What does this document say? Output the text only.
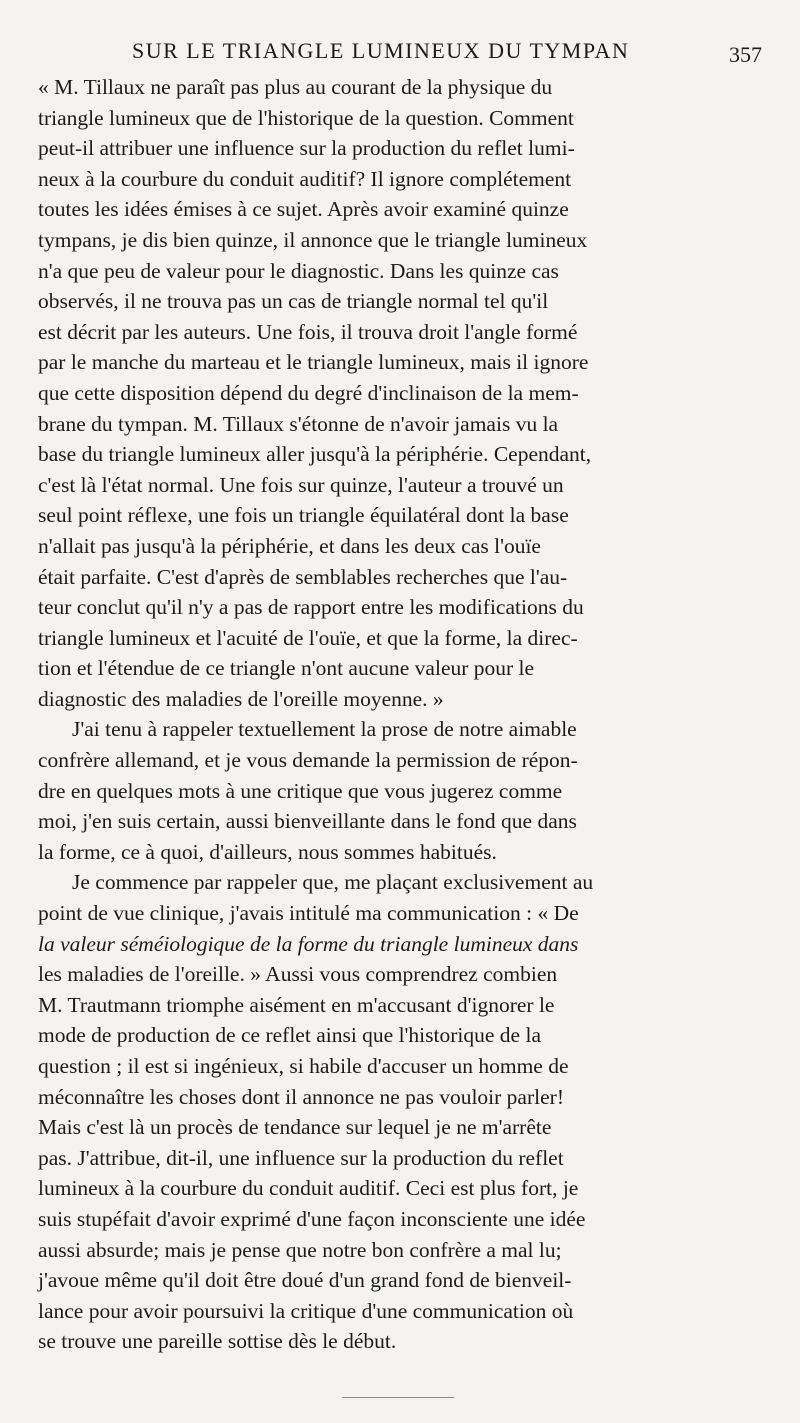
SUR LE TRIANGLE LUMINEUX DU TYMPAN	357
« M. Tillaux ne paraît pas plus au courant de la physique du
triangle lumineux que de l'historique de la question. Comment
peut-il attribuer une influence sur la production du reflet lumi-
neux à la courbure du conduit auditif? Il ignore complétement
toutes les idées émises à ce sujet. Après avoir examiné quinze
tympans, je dis bien quinze, il annonce que le triangle lumineux
n'a que peu de valeur pour le diagnostic. Dans les quinze cas
observés, il ne trouva pas un cas de triangle normal tel qu'il
est décrit par les auteurs. Une fois, il trouva droit l'angle formé
par le manche du marteau et le triangle lumineux, mais il ignore
que cette disposition dépend du degré d'inclinaison de la mem-
brane du tympan. M. Tillaux s'étonne de n'avoir jamais vu la
base du triangle lumineux aller jusqu'à la périphérie. Cependant,
c'est là l'état normal. Une fois sur quinze, l'auteur a trouvé un
seul point réflexe, une fois un triangle équilatéral dont la base
n'allait pas jusqu'à la périphérie, et dans les deux cas l'ouïe
était parfaite. C'est d'après de semblables recherches que l'au-
teur conclut qu'il n'y a pas de rapport entre les modifications du
triangle lumineux et l'acuité de l'ouïe, et que la forme, la direc-
tion et l'étendue de ce triangle n'ont aucune valeur pour le
diagnostic des maladies de l'oreille moyenne. »
J'ai tenu à rappeler textuellement la prose de notre aimable
confrère allemand, et je vous demande la permission de répon-
dre en quelques mots à une critique que vous jugerez comme
moi, j'en suis certain, aussi bienveillante dans le fond que dans
la forme, ce à quoi, d'ailleurs, nous sommes habitués.
Je commence par rappeler que, me plaçant exclusivement au
point de vue clinique, j'avais intitulé ma communication : « De
la valeur séméiologique de la forme du triangle lumineux dans
les maladies de l'oreille. » Aussi vous comprendrez combien
M. Trautmann triomphe aisément en m'accusant d'ignorer le
mode de production de ce reflet ainsi que l'historique de la
question ; il est si ingénieux, si habile d'accuser un homme de
méconnaître les choses dont il annonce ne pas vouloir parler!
Mais c'est là un procès de tendance sur lequel je ne m'arrête
pas. J'attribue, dit-il, une influence sur la production du reflet
lumineux à la courbure du conduit auditif. Ceci est plus fort, je
suis stupéfait d'avoir exprimé d'une façon inconsciente une idée
aussi absurde; mais je pense que notre bon confrère a mal lu;
j'avoue même qu'il doit être doué d'un grand fond de bienveil-
lance pour avoir poursuivi la critique d'une communication où
se trouve une pareille sottise dès le début.
